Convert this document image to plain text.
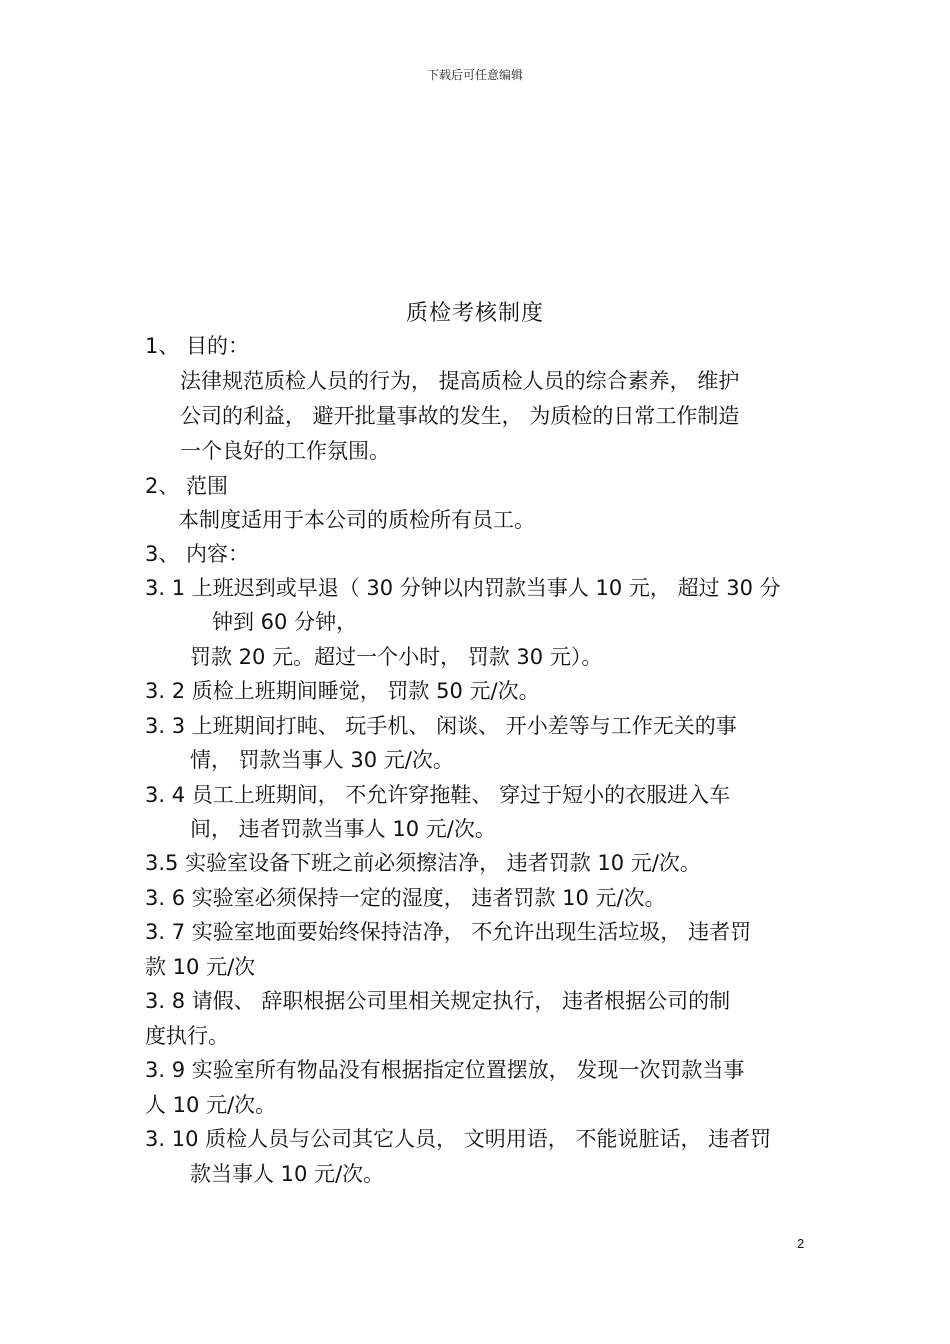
下载后可任意编辑
质检考核制度
1、 目的：
法律规范质检人员的行为， 提高质检人员的综合素养， 维护
公司的利益， 避开批量事故的发生， 为质检的日常工作制造
一个良好的工作氛围。
2、 范围
本制度适用于本公司的质检所有员工。
3、 内容：
3. 1 上班迟到或早退（ 30 分钟以内罚款当事人 10 元， 超过 30 分
钟到 60 分钟，
罚款 20 元。超过一个小时， 罚款 30 元）。
3. 2 质检上班期间睡觉， 罚款 50 元/次。
3. 3 上班期间打盹、 玩手机、 闲谈、 开小差等与工作无关的事
情， 罚款当事人 30 元/次。
3. 4 员工上班期间， 不允许穿拖鞋、 穿过于短小的衣服进入车
间， 违者罚款当事人 10 元/次。
3.5 实验室设备下班之前必须擦洁净， 违者罚款 10 元/次。
3. 6 实验室必须保持一定的湿度， 违者罚款 10 元/次。
3. 7 实验室地面要始终保持洁净， 不允许出现生活垃圾， 违者罚
款 10 元/次
3. 8 请假、 辞职根据公司里相关规定执行， 违者根据公司的制
度执行。
3. 9 实验室所有物品没有根据指定位置摆放， 发现一次罚款当事
人 10 元/次。
3. 10 质检人员与公司其它人员， 文明用语， 不能说脏话， 违者罚
款当事人 10 元/次。
2
